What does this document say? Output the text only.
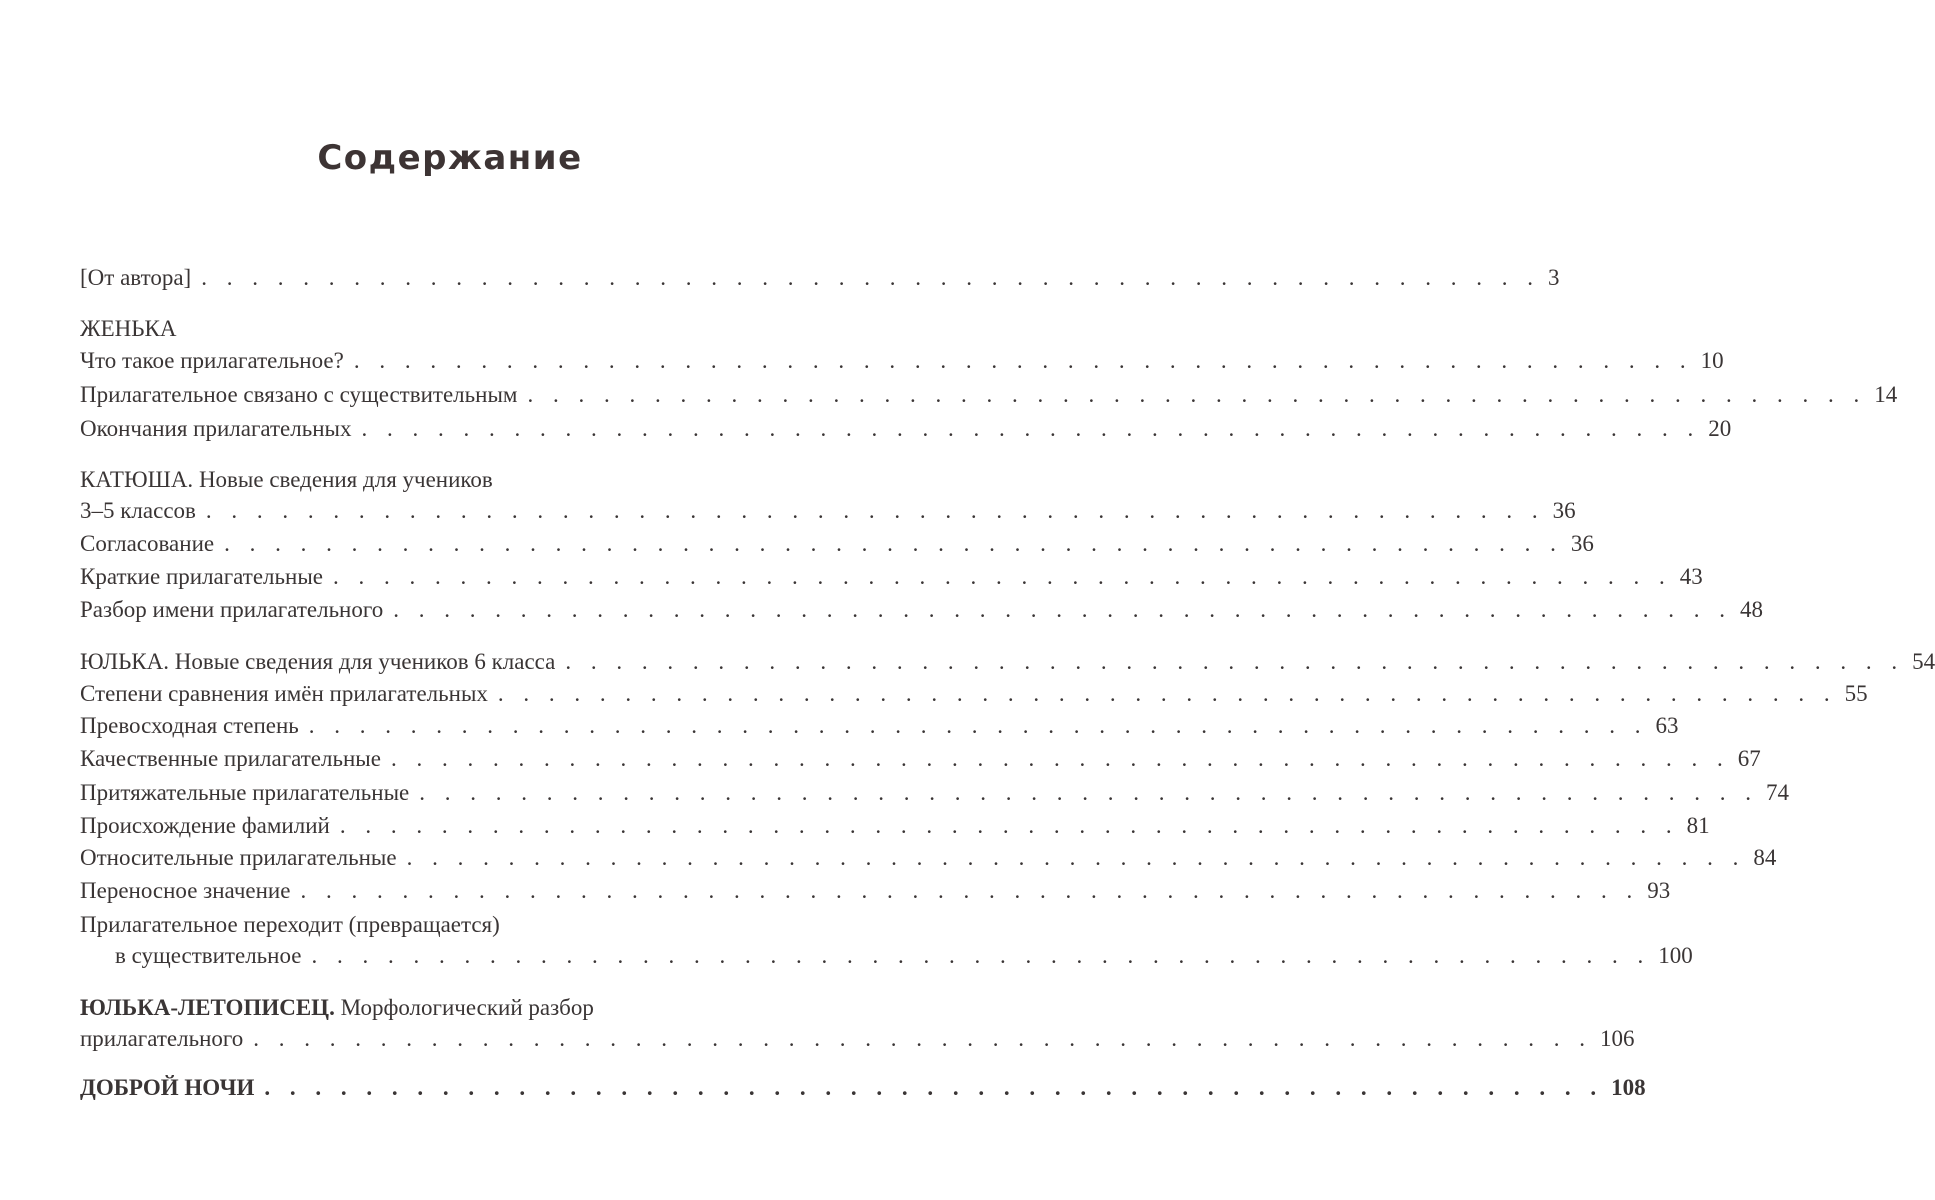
Содержание
[От автора] . . . . . . . . . . . . . . . . . . . . . . . . . . . . . . . . . . . . . . . . . . . . . . . . . . . . . 3
ЖЕНЬКА
Что такое прилагательное? . . . . . . . . . . . . . . . . . . . . . . . . . . . . . . . . . . . . . . . . . . . . . . . . . . . . . 10
Прилагательное связано с существительным . . . . . . . . . . . . . . . . . . . . . . . . . . . . . . . . . . . . . . . . . . . . . . . . . . . . . 14
Окончания прилагательных . . . . . . . . . . . . . . . . . . . . . . . . . . . . . . . . . . . . . . . . . . . . . . . . . . . . . 20
КАТЮША. Новые сведения для учеников
3–5 классов . . . . . . . . . . . . . . . . . . . . . . . . . . . . . . . . . . . . . . . . . . . . . . . . . . . . . 36
Согласование . . . . . . . . . . . . . . . . . . . . . . . . . . . . . . . . . . . . . . . . . . . . . . . . . . . . . 36
Краткие прилагательные . . . . . . . . . . . . . . . . . . . . . . . . . . . . . . . . . . . . . . . . . . . . . . . . . . . . . 43
Разбор имени прилагательного . . . . . . . . . . . . . . . . . . . . . . . . . . . . . . . . . . . . . . . . . . . . . . . . . . . . . 48
ЮЛЬКА. Новые сведения для учеников 6 класса . . . . . . . . . . . . . . . . . . . . . . . . . . . . . . . . . . . . . . . . . . . . . . . . . . . . . 54
Степени сравнения имён прилагательных . . . . . . . . . . . . . . . . . . . . . . . . . . . . . . . . . . . . . . . . . . . . . . . . . . . . . 55
Превосходная степень . . . . . . . . . . . . . . . . . . . . . . . . . . . . . . . . . . . . . . . . . . . . . . . . . . . . . 63
Качественные прилагательные . . . . . . . . . . . . . . . . . . . . . . . . . . . . . . . . . . . . . . . . . . . . . . . . . . . . . 67
Притяжательные прилагательные . . . . . . . . . . . . . . . . . . . . . . . . . . . . . . . . . . . . . . . . . . . . . . . . . . . . . 74
Происхождение фамилий . . . . . . . . . . . . . . . . . . . . . . . . . . . . . . . . . . . . . . . . . . . . . . . . . . . . . 81
Относительные прилагательные . . . . . . . . . . . . . . . . . . . . . . . . . . . . . . . . . . . . . . . . . . . . . . . . . . . . . 84
Переносное значение . . . . . . . . . . . . . . . . . . . . . . . . . . . . . . . . . . . . . . . . . . . . . . . . . . . . . 93
Прилагательное переходит (превращается)
в существительное . . . . . . . . . . . . . . . . . . . . . . . . . . . . . . . . . . . . . . . . . . . . . . . . . . . . . 100
ЮЛЬКА-ЛЕТОПИСЕЦ. Морфологический разбор
прилагательного . . . . . . . . . . . . . . . . . . . . . . . . . . . . . . . . . . . . . . . . . . . . . . . . . . . . . 106
ДОБРОЙ НОЧИ . . . . . . . . . . . . . . . . . . . . . . . . . . . . . . . . . . . . . . . . . . . . . . . . . . . . . 108
